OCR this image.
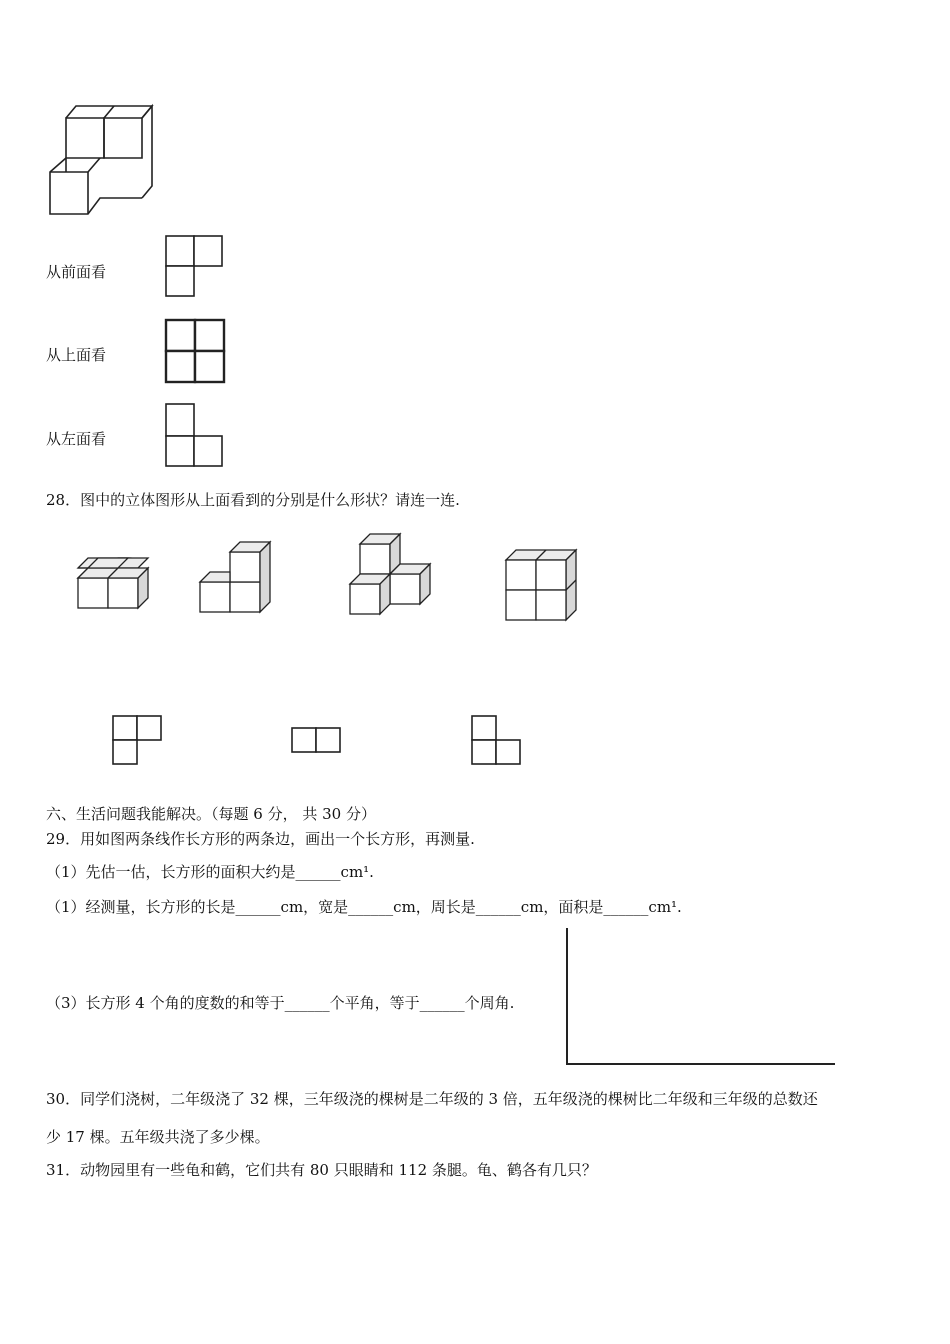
从前面看
从上面看
从左面看
28．图中的立体图形从上面看到的分别是什么形状？请连一连.
六、生活问题我能解决。（每题 6 分， 共 30 分）
29．用如图两条线作长方形的两条边，画出一个长方形，再测量.
（1）先估一估，长方形的面积大约是______cm¹.
（1）经测量，长方形的长是______cm，宽是______cm，周长是______cm，面积是______cm¹.
（3）长方形 4 个角的度数的和等于______个平角，等于______个周角.
30．同学们浇树，二年级浇了 32 棵，三年级浇的棵树是二年级的 3 倍，五年级浇的棵树比二年级和三年级的总数还
少 17 棵。五年级共浇了多少棵。
31．动物园里有一些龟和鹤，它们共有 80 只眼睛和 112 条腿。龟、鹤各有几只？
